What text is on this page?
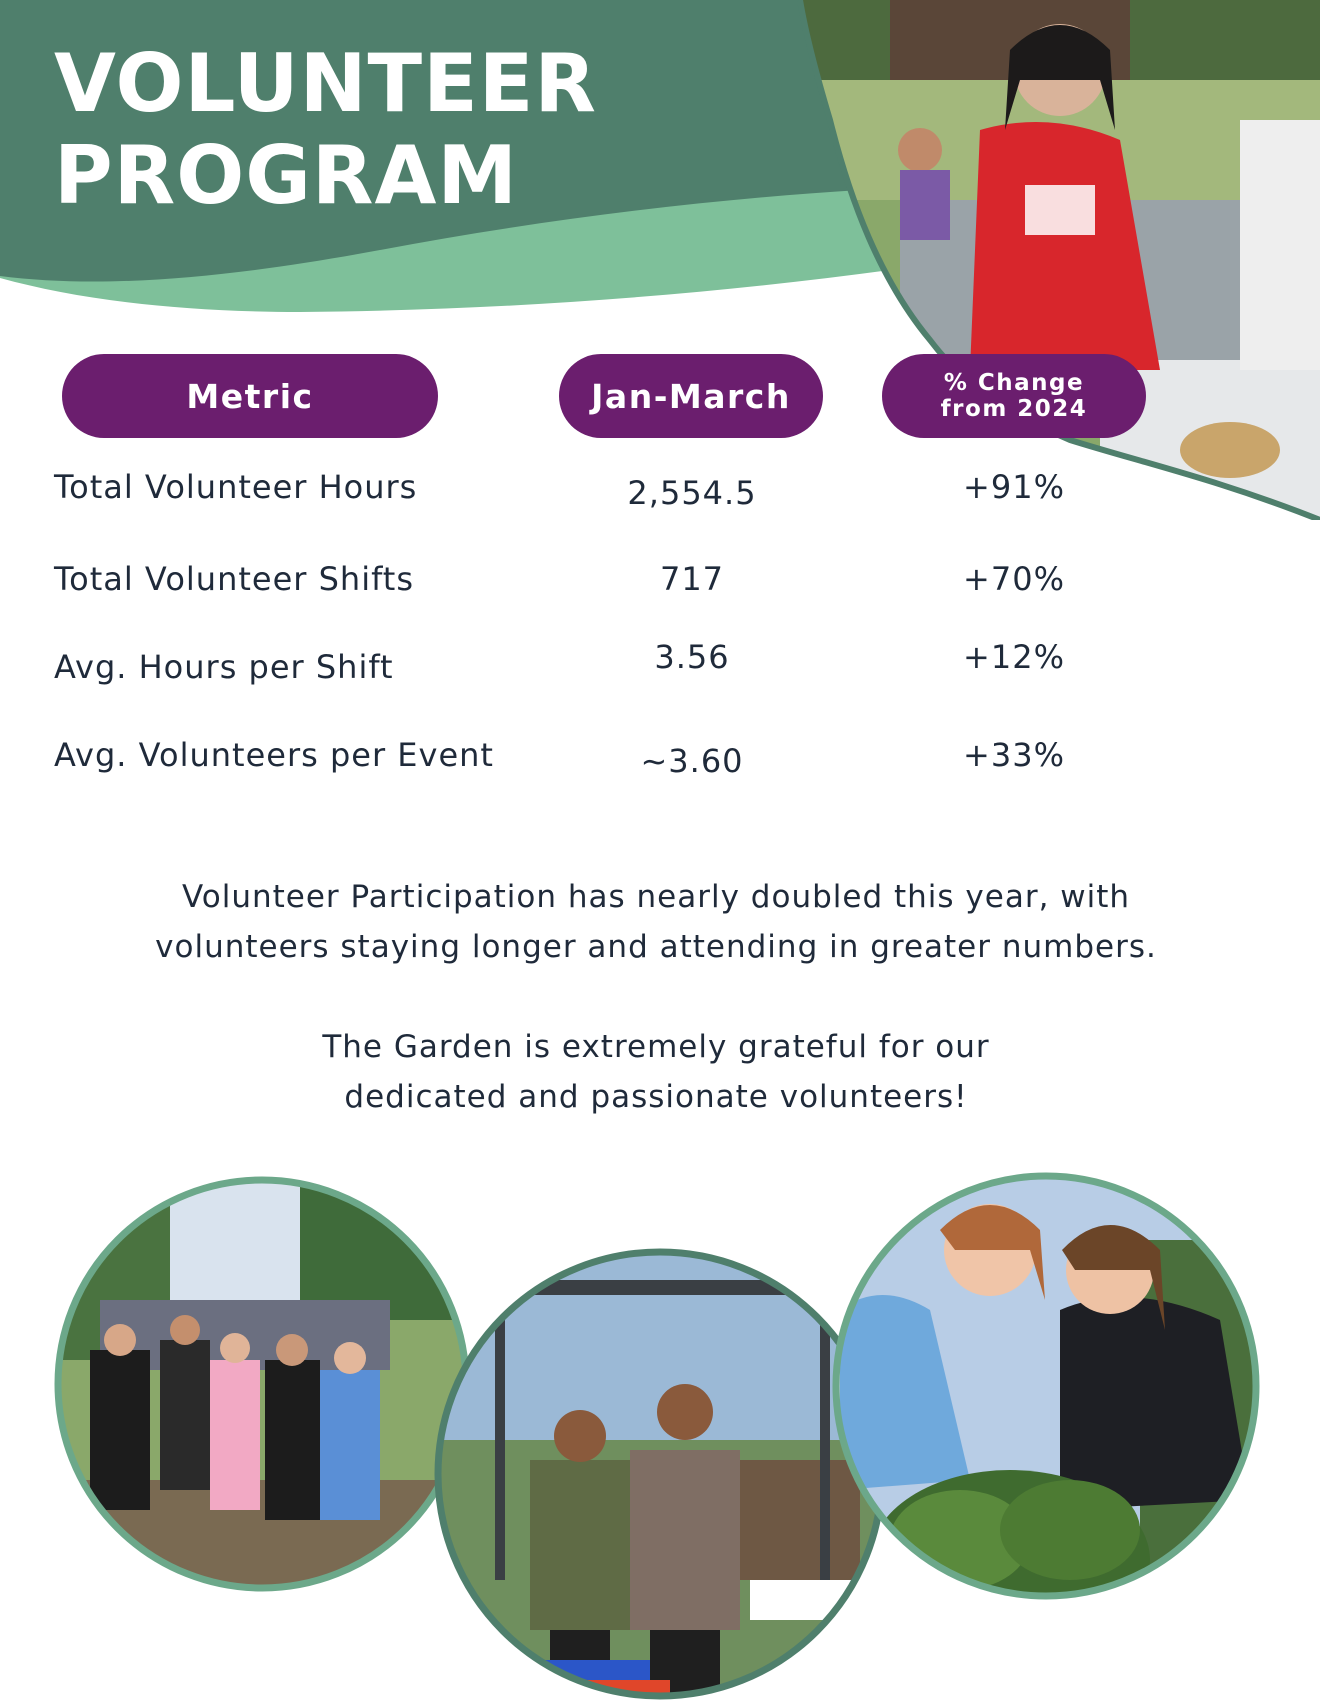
VOLUNTEER
PROGRAM
Metric	Jan-March	% Change
from 2024
Total Volunteer Hours	2,554.5	+91%
Total Volunteer Shifts	717	+70%
Avg. Hours per Shift	3.56	+12%
Avg. Volunteers per Event	~3.60	+33%

Volunteer Participation has nearly doubled this year, with
volunteers staying longer and attending in greater numbers.

The Garden is extremely grateful for our
dedicated and passionate volunteers!
